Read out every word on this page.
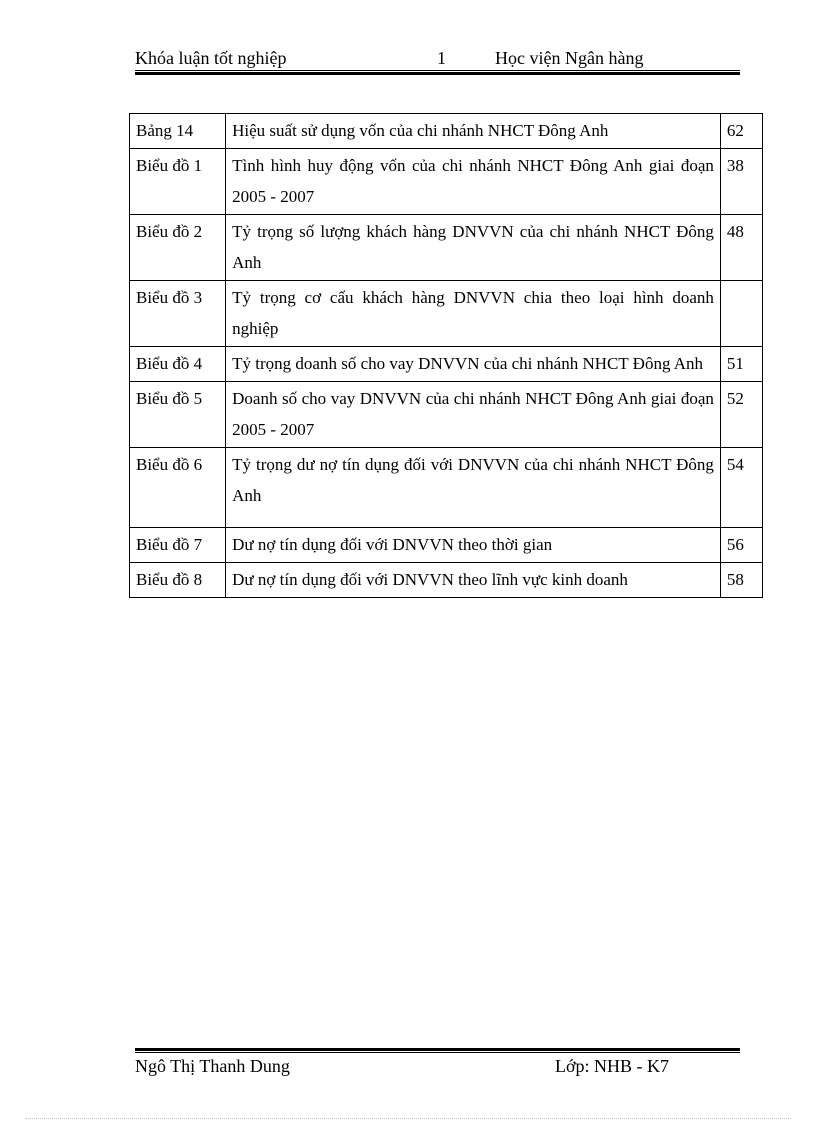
Khóa luận tốt nghiệp	1	Học viện Ngân hàng
Bảng 14	Hiệu suất sử dụng vốn của chi nhánh NHCT Đông Anh	62
Biểu đồ 1	Tình hình huy động vốn của chi nhánh NHCT Đông Anh giai đoạn 2005 - 2007	38
Biểu đồ 2	Tỷ trọng số lượng khách hàng DNVVN của chi nhánh NHCT Đông Anh	48
Biểu đồ 3	Tỷ trọng cơ cấu khách hàng DNVVN chia theo loại hình doanh nghiệp	
Biểu đồ 4	Tỷ trọng doanh số cho vay DNVVN của chi nhánh NHCT Đông Anh	51
Biểu đồ 5	Doanh số cho vay DNVVN của chi nhánh NHCT Đông Anh giai đoạn 2005 - 2007	52
Biểu đồ 6	Tỷ trọng dư nợ tín dụng đối với DNVVN của chi nhánh NHCT Đông Anh	54
Biểu đồ 7	Dư nợ tín dụng đối với DNVVN theo thời gian	56
Biểu đồ 8	Dư nợ tín dụng đối với DNVVN theo lĩnh vực kinh doanh	58
Ngô Thị Thanh Dung	Lớp: NHB - K7
